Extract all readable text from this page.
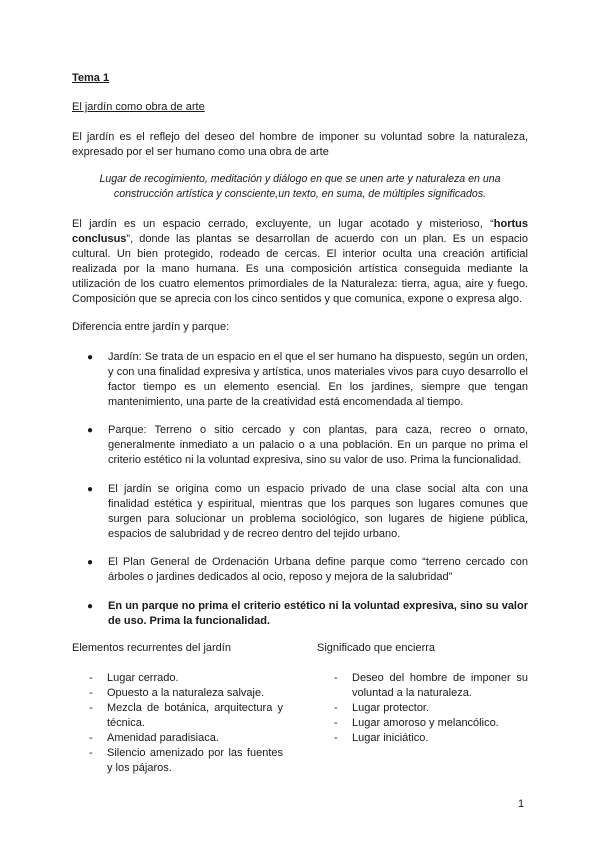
Tema 1
El jardín como obra de arte

El jardín es el reflejo del deseo del hombre de imponer su voluntad sobre la naturaleza, expresado por el ser humano como una obra de arte

Lugar de recogimiento, meditación y diálogo en que se unen arte y naturaleza en una construcción artística y consciente,un texto, en suma, de múltiples significados.

El jardín es un espacio cerrado, excluyente, un lugar acotado y misterioso, “hortus conclusus”, donde las plantas se desarrollan de acuerdo con un plan. Es un espacio cultural. Un bien protegido, rodeado de cercas. El interior oculta una creación artificial realizada por la mano humana. Es una composición artística conseguida mediante la utilización de los cuatro elementos primordiales de la Naturaleza: tierra, agua, aire y fuego. Composición que se aprecia con los cinco sentidos y que comunica, expone o expresa algo.

Diferencia entre jardín y parque:

● Jardín: Se trata de un espacio en el que el ser humano ha dispuesto, según un orden, y con una finalidad expresiva y artística, unos materiales vivos para cuyo desarrollo el factor tiempo es un elemento esencial. En los jardines, siempre que tengan mantenimiento, una parte de la creatividad está encomendada al tiempo.

● Parque: Terreno o sitio cercado y con plantas, para caza, recreo o ornato, generalmente inmediato a un palacio o a una población. En un parque no prima el criterio estético ni la voluntad expresiva, sino su valor de uso. Prima la funcionalidad.

● El jardín se origina como un espacio privado de una clase social alta con una finalidad estética y espiritual, mientras que los parques son lugares comunes que surgen para solucionar un problema sociológico, son lugares de higiene pública, espacios de salubridad y de recreo dentro del tejido urbano.

● El Plan General de Ordenación Urbana define parque como “terreno cercado con árboles o jardines dedicados al ocio, reposo y mejora de la salubridad”

● En un parque no prima el criterio estético ni la voluntad expresiva, sino su valor de uso. Prima la funcionalidad.

Elementos recurrentes del jardín	Significado que encierra
- Lugar cerrado.
- Opuesto a la naturaleza salvaje.
- Mezcla de botánica, arquitectura y técnica.
- Amenidad paradisiaca.
- Silencio amenizado por las fuentes y los pájaros.
- Deseo del hombre de imponer su voluntad a la naturaleza.
- Lugar protector.
- Lugar amoroso y melancólico.
- Lugar iniciático.
1
